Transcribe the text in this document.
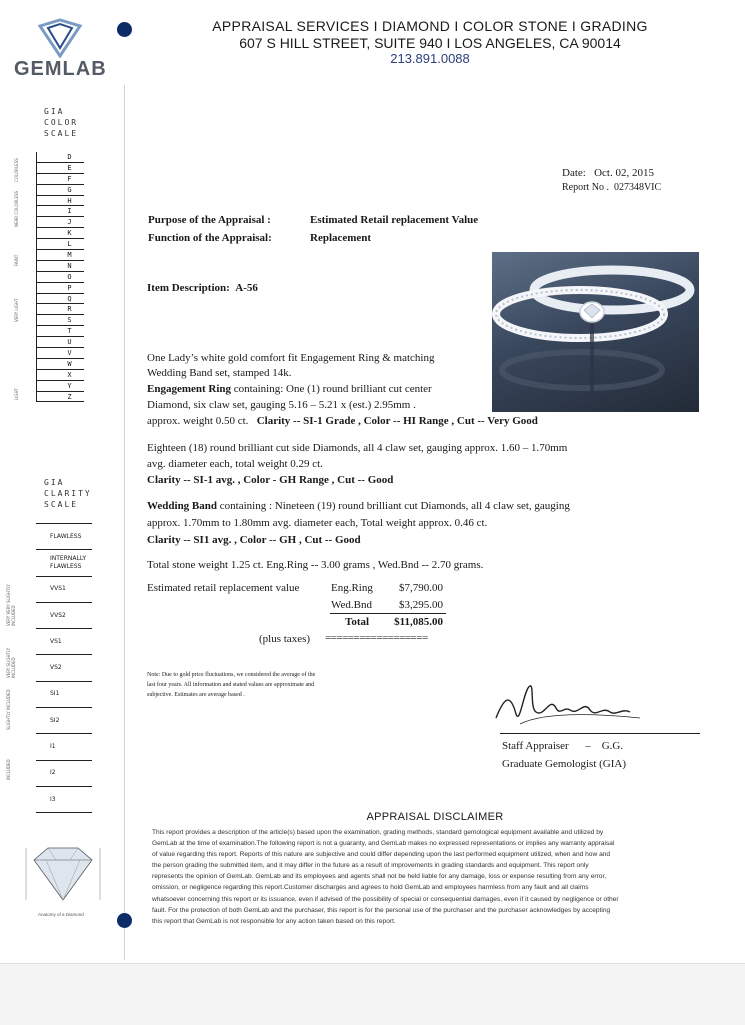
GEMLAB
APPRAISAL SERVICES I DIAMOND I COLOR STONE I GRADING
607 S HILL STREET, SUITE 940 I LOS ANGELES, CA 90014
213.891.0088
GIA
COLOR
SCALE
D
E
F
G
H
I
J
K
L
M
N
O
P
Q
R
S
T
U
V
W
X
Y
Z
COLORLESS
NEAR COLORLESS
FAINT
VERY LIGHT
LIGHT
GIA
CLARITY
SCALE
FLAWLESS
INTERNALLY FLAWLESS
VVS1
VVS2
VS1
VS2
SI1
SI2
I1
I2
I3
VERY VERY SLIGHTLY INCLUDED
VERY SLIGHTLY INCLUDED
SLIGHTLY INCLUDED
INCLUDED
Anatomy of a Diamond
Date: Oct. 02, 2015
Report No . 027348VIC
Purpose of the Appraisal :	Estimated Retail replacement Value
Function of the Appraisal:	Replacement
Item Description: A-56
One Lady’s white gold comfort fit Engagement Ring & matching
Wedding Band set, stamped 14k.
Engagement Ring containing: One (1) round brilliant cut center
Diamond, six claw set, gauging 5.16 – 5.21 x (est.) 2.95mm .
approx. weight 0.50 ct. Clarity -- SI-1 Grade , Color -- HI Range , Cut -- Very Good
Eighteen (18) round brilliant cut side Diamonds, all 4 claw set, gauging approx. 1.60 – 1.70mm
avg. diameter each, total weight 0.29 ct.
Clarity -- SI-1 avg. , Color - GH Range , Cut -- Good
Wedding Band containing : Nineteen (19) round brilliant cut Diamonds, all 4 claw set, gauging
approx. 1.70mm to 1.80mm avg. diameter each, Total weight approx. 0.46 ct.
Clarity -- SI1 avg. , Color -- GH , Cut -- Good
Total stone weight 1.25 ct. Eng.Ring -- 3.00 grams , Wed.Bnd -- 2.70 grams.
Estimated retail replacement value	Eng.Ring $7,790.00
Wed.Bnd $3,295.00
Total $11,085.00
(plus taxes) ==================
Note: Due to gold price fluctuations, we considered the average of the
last four years. All information and stated values are approximate and
subjective. Estimates are average based .
Staff Appraiser – G.G.
Graduate Gemologist (GIA)
APPRAISAL DISCLAIMER
This report provides a description of the article(s) based upon the examination, grading methods, standard gemological equipment available and utilized by
GemLab at the time of examination.The following report is not a guaranty, and GemLab makes no expressed representations or implies any warranty appraisal
of value regarding this report. Reports of this nature are subjective and could differ depending upon the last performed equipment utilized, when and how and
the person grading the submitted item, and it may differ in the future as a result of improvements in grading standards and equipment. This report only
represents the opinion of GemLab. GemLab and its employees and agents shall not be held liable for any damage, loss or expense resulting from any error,
omission, or negligence regarding this report.Customer discharges and agrees to hold GemLab and employees harmless from any fault and all claims
whatsoever concerning this report or its issuance, even if advised of the possibility of special or consequential damages, even if it caused by negligence or other
fault. For the protection of both GemLab and the purchaser, this report is for the personal use of the purchaser and the purchaser acknowledges by accepting
this report that GemLab is not responsible for any action taken based on this report.
